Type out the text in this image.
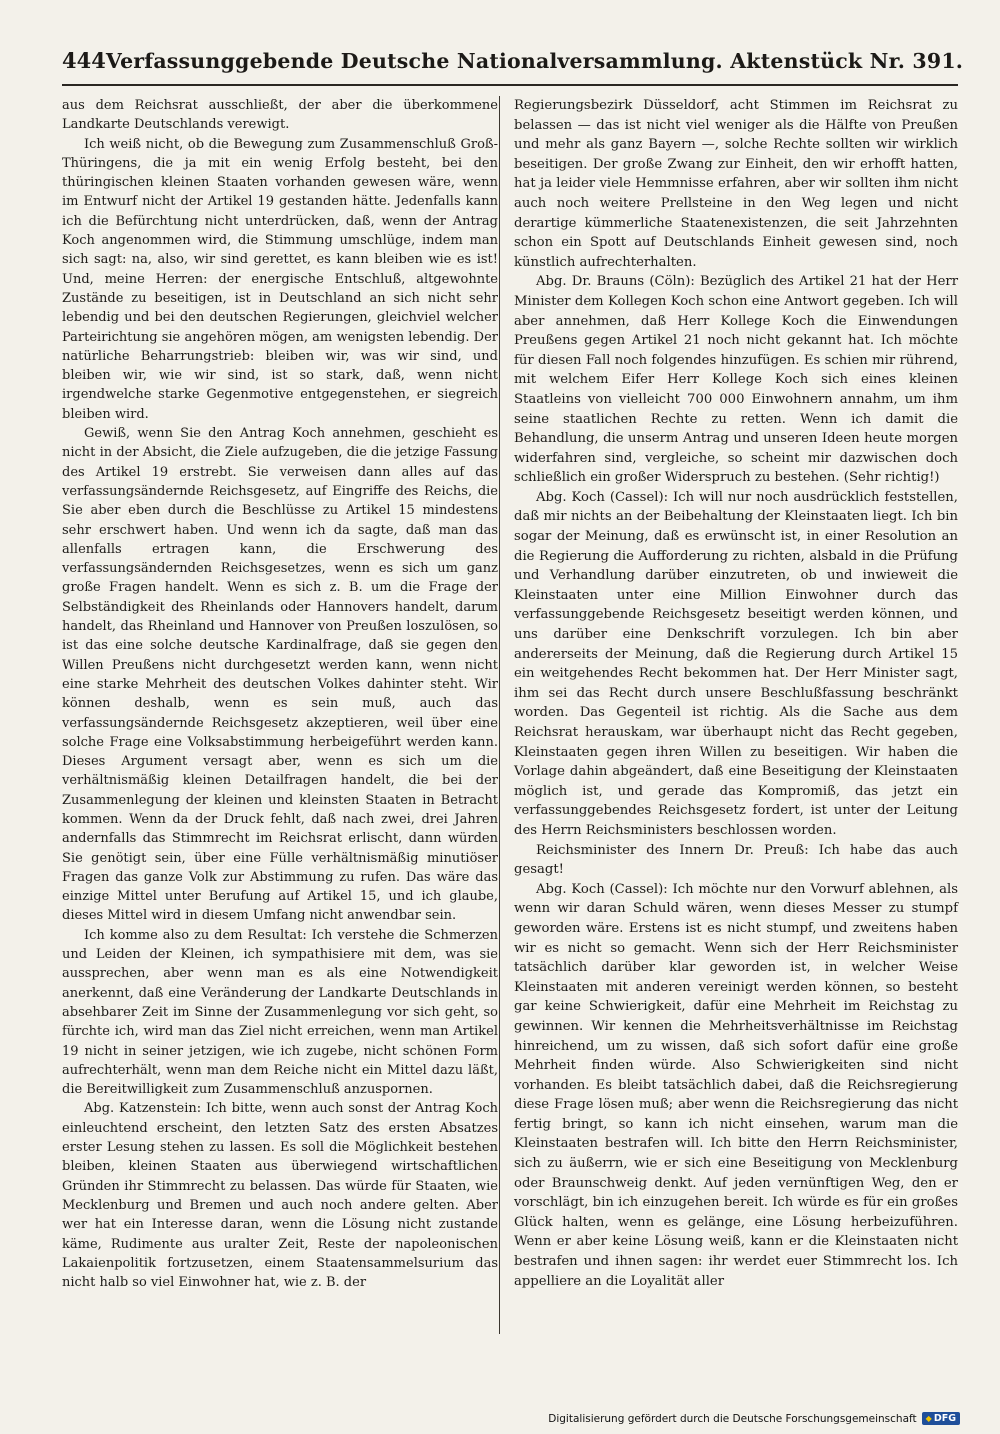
444 Verfassunggebende Deutsche Nationalversammlung. Aktenstück Nr. 391.

aus dem Reichsrat ausschließt, der aber die überkommene Landkarte Deutschlands verewigt.

Ich weiß nicht, ob die Bewegung zum Zusammenschluß Groß-Thüringens, die ja mit ein wenig Erfolg besteht, bei den thüringischen kleinen Staaten vorhanden gewesen wäre, wenn im Entwurf nicht der Artikel 19 gestanden hätte. Jedenfalls kann ich die Befürchtung nicht unterdrücken, daß, wenn der Antrag Koch angenommen wird, die Stimmung umschlüge, indem man sich sagt: na, also, wir sind gerettet, es kann bleiben wie es ist! Und, meine Herren: der energische Entschluß, altgewohnte Zustände zu beseitigen, ist in Deutschland an sich nicht sehr lebendig und bei den deutschen Regierungen, gleichviel welcher Parteirichtung sie angehören mögen, am wenigsten lebendig. Der natürliche Beharrungstrieb: bleiben wir, was wir sind, und bleiben wir, wie wir sind, ist so stark, daß, wenn nicht irgendwelche starke Gegenmotive entgegenstehen, er siegreich bleiben wird.

Gewiß, wenn Sie den Antrag Koch annehmen, geschieht es nicht in der Absicht, die Ziele aufzugeben, die die jetzige Fassung des Artikel 19 erstrebt. Sie verweisen dann alles auf das verfassungsändernde Reichsgesetz, auf Eingriffe des Reichs, die Sie aber eben durch die Beschlüsse zu Artikel 15 mindestens sehr erschwert haben. Und wenn ich da sagte, daß man das allenfalls ertragen kann, die Erschwerung des verfassungsändernden Reichsgesetzes, wenn es sich um ganz große Fragen handelt. Wenn es sich z. B. um die Frage der Selbständigkeit des Rheinlands oder Hannovers handelt, darum handelt, das Rheinland und Hannover von Preußen loszulösen, so ist das eine solche deutsche Kardinalfrage, daß sie gegen den Willen Preußens nicht durchgesetzt werden kann, wenn nicht eine starke Mehrheit des deutschen Volkes dahinter steht. Wir können deshalb, wenn es sein muß, auch das verfassungsändernde Reichsgesetz akzeptieren, weil über eine solche Frage eine Volksabstimmung herbeigeführt werden kann. Dieses Argument versagt aber, wenn es sich um die verhältnismäßig kleinen Detailfragen handelt, die bei der Zusammenlegung der kleinen und kleinsten Staaten in Betracht kommen. Wenn da der Druck fehlt, daß nach zwei, drei Jahren andernfalls das Stimmrecht im Reichsrat erlischt, dann würden Sie genötigt sein, über eine Fülle verhältnismäßig minutiöser Fragen das ganze Volk zur Abstimmung zu rufen. Das wäre das einzige Mittel unter Berufung auf Artikel 15, und ich glaube, dieses Mittel wird in diesem Umfang nicht anwendbar sein.

Ich komme also zu dem Resultat: Ich verstehe die Schmerzen und Leiden der Kleinen, ich sympathisiere mit dem, was sie aussprechen, aber wenn man es als eine Notwendigkeit anerkennt, daß eine Veränderung der Landkarte Deutschlands in absehbarer Zeit im Sinne der Zusammenlegung vor sich geht, so fürchte ich, wird man das Ziel nicht erreichen, wenn man Artikel 19 nicht in seiner jetzigen, wie ich zugebe, nicht schönen Form aufrechterhält, wenn man dem Reiche nicht ein Mittel dazu läßt, die Bereitwilligkeit zum Zusammenschluß anzuspornen.

Abg. Katzenstein: Ich bitte, wenn auch sonst der Antrag Koch einleuchtend erscheint, den letzten Satz des ersten Absatzes erster Lesung stehen zu lassen. Es soll die Möglichkeit bestehen bleiben, kleinen Staaten aus überwiegend wirtschaftlichen Gründen ihr Stimmrecht zu belassen. Das würde für Staaten, wie Mecklenburg und Bremen und auch noch andere gelten. Aber wer hat ein Interesse daran, wenn die Lösung nicht zustande käme, Rudimente aus uralter Zeit, Reste der napoleonischen Lakaienpolitik fortzusetzen, einem Staatensammelsurium das nicht halb so viel Einwohner hat, wie z. B. der

Regierungsbezirk Düsseldorf, acht Stimmen im Reichsrat zu belassen — das ist nicht viel weniger als die Hälfte von Preußen und mehr als ganz Bayern —, solche Rechte sollten wir wirklich beseitigen. Der große Zwang zur Einheit, den wir erhofft hatten, hat ja leider viele Hemmnisse erfahren, aber wir sollten ihm nicht auch noch weitere Prellsteine in den Weg legen und nicht derartige kümmerliche Staatenexistenzen, die seit Jahrzehnten schon ein Spott auf Deutschlands Einheit gewesen sind, noch künstlich aufrechterhalten.

Abg. Dr. Brauns (Cöln): Bezüglich des Artikel 21 hat der Herr Minister dem Kollegen Koch schon eine Antwort gegeben. Ich will aber annehmen, daß Herr Kollege Koch die Einwendungen Preußens gegen Artikel 21 noch nicht gekannt hat. Ich möchte für diesen Fall noch folgendes hinzufügen. Es schien mir rührend, mit welchem Eifer Herr Kollege Koch sich eines kleinen Staatleins von vielleicht 700 000 Einwohnern annahm, um ihm seine staatlichen Rechte zu retten. Wenn ich damit die Behandlung, die unserm Antrag und unseren Ideen heute morgen widerfahren sind, vergleiche, so scheint mir dazwischen doch schließlich ein großer Widerspruch zu bestehen. (Sehr richtig!)

Abg. Koch (Cassel): Ich will nur noch ausdrücklich feststellen, daß mir nichts an der Beibehaltung der Kleinstaaten liegt. Ich bin sogar der Meinung, daß es erwünscht ist, in einer Resolution an die Regierung die Aufforderung zu richten, alsbald in die Prüfung und Verhandlung darüber einzutreten, ob und inwieweit die Kleinstaaten unter eine Million Einwohner durch das verfassunggebende Reichsgesetz beseitigt werden können, und uns darüber eine Denkschrift vorzulegen. Ich bin aber andererseits der Meinung, daß die Regierung durch Artikel 15 ein weitgehendes Recht bekommen hat. Der Herr Minister sagt, ihm sei das Recht durch unsere Beschlußfassung beschränkt worden. Das Gegenteil ist richtig. Als die Sache aus dem Reichsrat herauskam, war überhaupt nicht das Recht gegeben, Kleinstaaten gegen ihren Willen zu beseitigen. Wir haben die Vorlage dahin abgeändert, daß eine Beseitigung der Kleinstaaten möglich ist, und gerade das Kompromiß, das jetzt ein verfassunggebendes Reichsgesetz fordert, ist unter der Leitung des Herrn Reichsministers beschlossen worden.

Reichsminister des Innern Dr. Preuß: Ich habe das auch gesagt!

Abg. Koch (Cassel): Ich möchte nur den Vorwurf ablehnen, als wenn wir daran Schuld wären, wenn dieses Messer zu stumpf geworden wäre. Erstens ist es nicht stumpf, und zweitens haben wir es nicht so gemacht. Wenn sich der Herr Reichsminister tatsächlich darüber klar geworden ist, in welcher Weise Kleinstaaten mit anderen vereinigt werden können, so besteht gar keine Schwierigkeit, dafür eine Mehrheit im Reichstag zu gewinnen. Wir kennen die Mehrheitsverhältnisse im Reichstag hinreichend, um zu wissen, daß sich sofort dafür eine große Mehrheit finden würde. Also Schwierigkeiten sind nicht vorhanden. Es bleibt tatsächlich dabei, daß die Reichsregierung diese Frage lösen muß; aber wenn die Reichsregierung das nicht fertig bringt, so kann ich nicht einsehen, warum man die Kleinstaaten bestrafen will. Ich bitte den Herrn Reichsminister, sich zu äußerrn, wie er sich eine Beseitigung von Mecklenburg oder Braunschweig denkt. Auf jeden vernünftigen Weg, den er vorschlägt, bin ich einzugehen bereit. Ich würde es für ein großes Glück halten, wenn es gelänge, eine Lösung herbeizuführen. Wenn er aber keine Lösung weiß, kann er die Kleinstaaten nicht bestrafen und ihnen sagen: ihr werdet euer Stimmrecht los. Ich appelliere an die Loyalität aller

Digitalisierung gefördert durch die Deutsche Forschungsgemeinschaft
◆	DFG
